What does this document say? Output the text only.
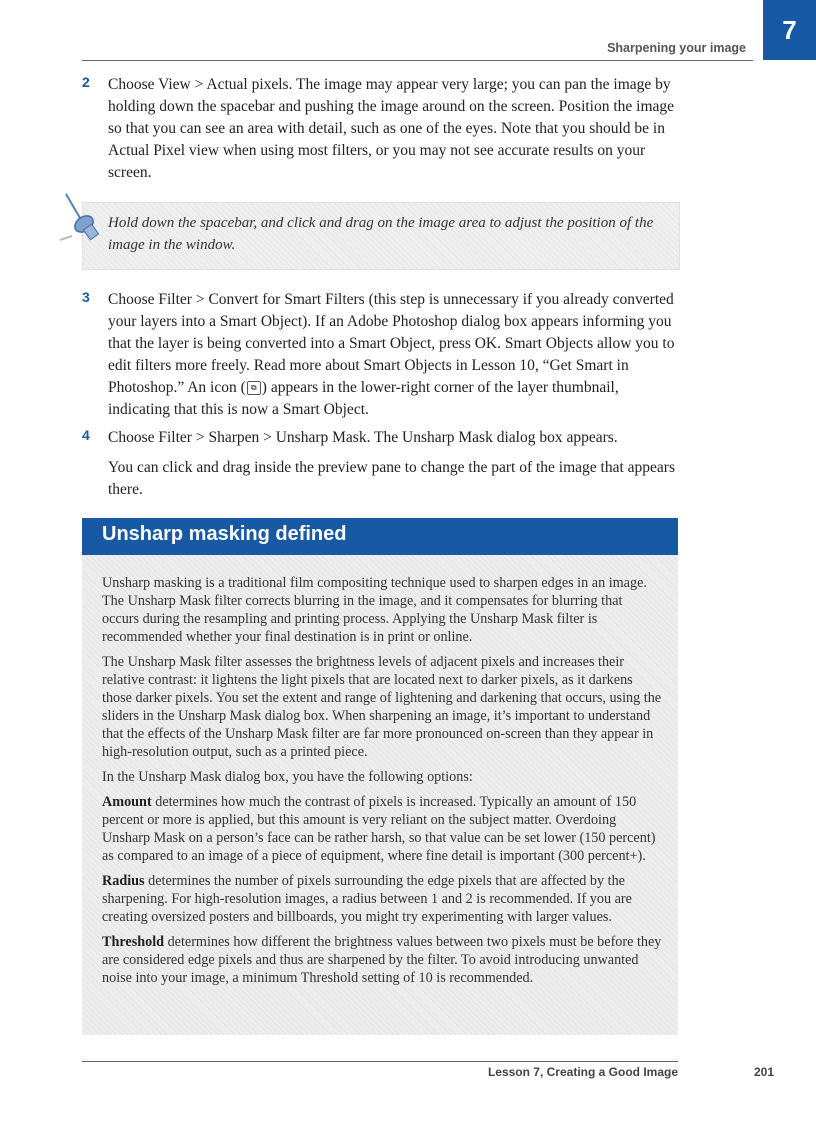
Sharpening your image
7
2 Choose View > Actual pixels. The image may appear very large; you can pan the image by holding down the spacebar and pushing the image around on the screen. Position the image so that you can see an area with detail, such as one of the eyes. Note that you should be in Actual Pixel view when using most filters, or you may not see accurate results on your screen.
Hold down the spacebar, and click and drag on the image area to adjust the position of the image in the window.
3 Choose Filter > Convert for Smart Filters (this step is unnecessary if you already converted your layers into a Smart Object). If an Adobe Photoshop dialog box appears informing you that the layer is being converted into a Smart Object, press OK. Smart Objects allow you to edit filters more freely. Read more about Smart Objects in Lesson 10, “Get Smart in Photoshop.” An icon ( ⧉ ) appears in the lower-right corner of the layer thumbnail, indicating that this is now a Smart Object.
4 Choose Filter > Sharpen > Unsharp Mask. The Unsharp Mask dialog box appears.
You can click and drag inside the preview pane to change the part of the image that appears there.
Unsharp masking defined

Unsharp masking is a traditional film compositing technique used to sharpen edges in an image. The Unsharp Mask filter corrects blurring in the image, and it compensates for blurring that occurs during the resampling and printing process. Applying the Unsharp Mask filter is recommended whether your final destination is in print or online.

The Unsharp Mask filter assesses the brightness levels of adjacent pixels and increases their relative contrast: it lightens the light pixels that are located next to darker pixels, as it darkens those darker pixels. You set the extent and range of lightening and darkening that occurs, using the sliders in the Unsharp Mask dialog box. When sharpening an image, it’s important to understand that the effects of the Unsharp Mask filter are far more pronounced on-screen than they appear in high-resolution output, such as a printed piece.

In the Unsharp Mask dialog box, you have the following options:

Amount determines how much the contrast of pixels is increased. Typically an amount of 150 percent or more is applied, but this amount is very reliant on the subject matter. Overdoing Unsharp Mask on a person’s face can be rather harsh, so that value can be set lower (150 percent) as compared to an image of a piece of equipment, where fine detail is important (300 percent+).

Radius determines the number of pixels surrounding the edge pixels that are affected by the sharpening. For high-resolution images, a radius between 1 and 2 is recommended. If you are creating oversized posters and billboards, you might try experimenting with larger values.

Threshold determines how different the brightness values between two pixels must be before they are considered edge pixels and thus are sharpened by the filter. To avoid introducing unwanted noise into your image, a minimum Threshold setting of 10 is recommended.

Lesson 7, Creating a Good Image	201
